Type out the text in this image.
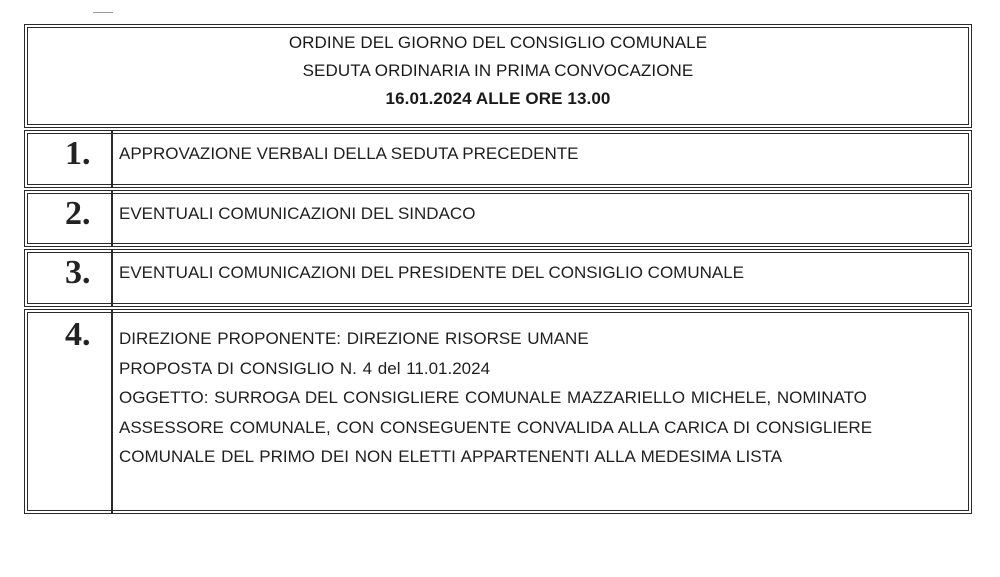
ORDINE DEL GIORNO DEL CONSIGLIO COMUNALE
SEDUTA ORDINARIA IN PRIMA CONVOCAZIONE
16.01.2024 ALLE ORE 13.00
1. APPROVAZIONE VERBALI DELLA SEDUTA PRECEDENTE
2. EVENTUALI COMUNICAZIONI DEL SINDACO
3. EVENTUALI COMUNICAZIONI DEL PRESIDENTE DEL CONSIGLIO COMUNALE
4. DIREZIONE PROPONENTE: DIREZIONE RISORSE UMANE
PROPOSTA DI CONSIGLIO N. 4 del 11.01.2024
OGGETTO: SURROGA DEL CONSIGLIERE COMUNALE MAZZARIELLO MICHELE, NOMINATO
ASSESSORE COMUNALE, CON CONSEGUENTE CONVALIDA ALLA CARICA DI CONSIGLIERE
COMUNALE DEL PRIMO DEI NON ELETTI APPARTENENTI ALLA MEDESIMA LISTA
